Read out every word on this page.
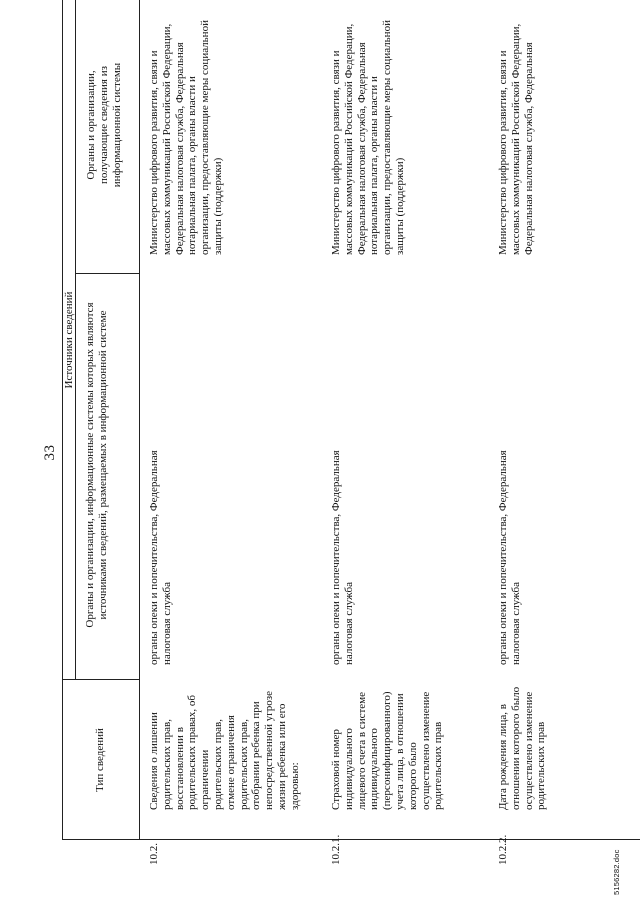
33
Тип сведений
Источники сведений Органы и организации, информационные системы которых являются источниками сведений, размещаемых в информационной системе
Органы и организации, получающие сведения из информационной системы
10.2.
Сведения о лишении родительских прав, восстановлении в родительских правах, об ограничении родительских прав, отмене ограничения родительских прав, отобрании ребенка при непосредственной угрозе жизни ребенка или его здоровью:
органы опеки и попечительства, Федеральная налоговая служба
Министерство цифрового развития, связи и массовых коммуникаций Российской Федерации, Федеральная налоговая служба, Федеральная нотариальная палата, органы власти и организации, предоставляющие меры социальной защиты (поддержки)
10.2.1.
Страховой номер индивидуального лицевого счета в системе индивидуального (персонифицированного) учета лица, в отношении которого было осуществлено изменение родительских прав
органы опеки и попечительства, Федеральная налоговая служба
Министерство цифрового развития, связи и массовых коммуникаций Российской Федерации, Федеральная налоговая служба, Федеральная нотариальная палата, органы власти и организации, предоставляющие меры социальной защиты (поддержки)
10.2.2.
Дата рождения лица, в отношении которого было осуществлено изменение родительских прав
органы опеки и попечительства, Федеральная налоговая служба
Министерство цифрового развития, связи и массовых коммуникаций Российской Федерации, Федеральная налоговая служба, Федеральная
5156282.doc
